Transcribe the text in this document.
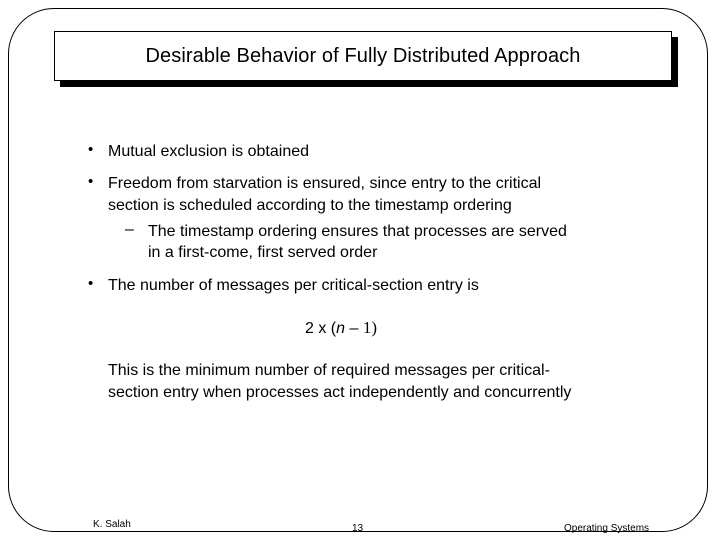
Desirable Behavior of Fully Distributed Approach
• Mutual exclusion is obtained
• Freedom from starvation is ensured, since entry to the critical
section is scheduled according to the timestamp ordering
– The timestamp ordering ensures that processes are served
in a first-come, first served order
• The number of messages per critical-section entry is
2 x (n – 1)
This is the minimum number of required messages per critical-
section entry when processes act independently and concurrently
K. Salah	13	Operating Systems
